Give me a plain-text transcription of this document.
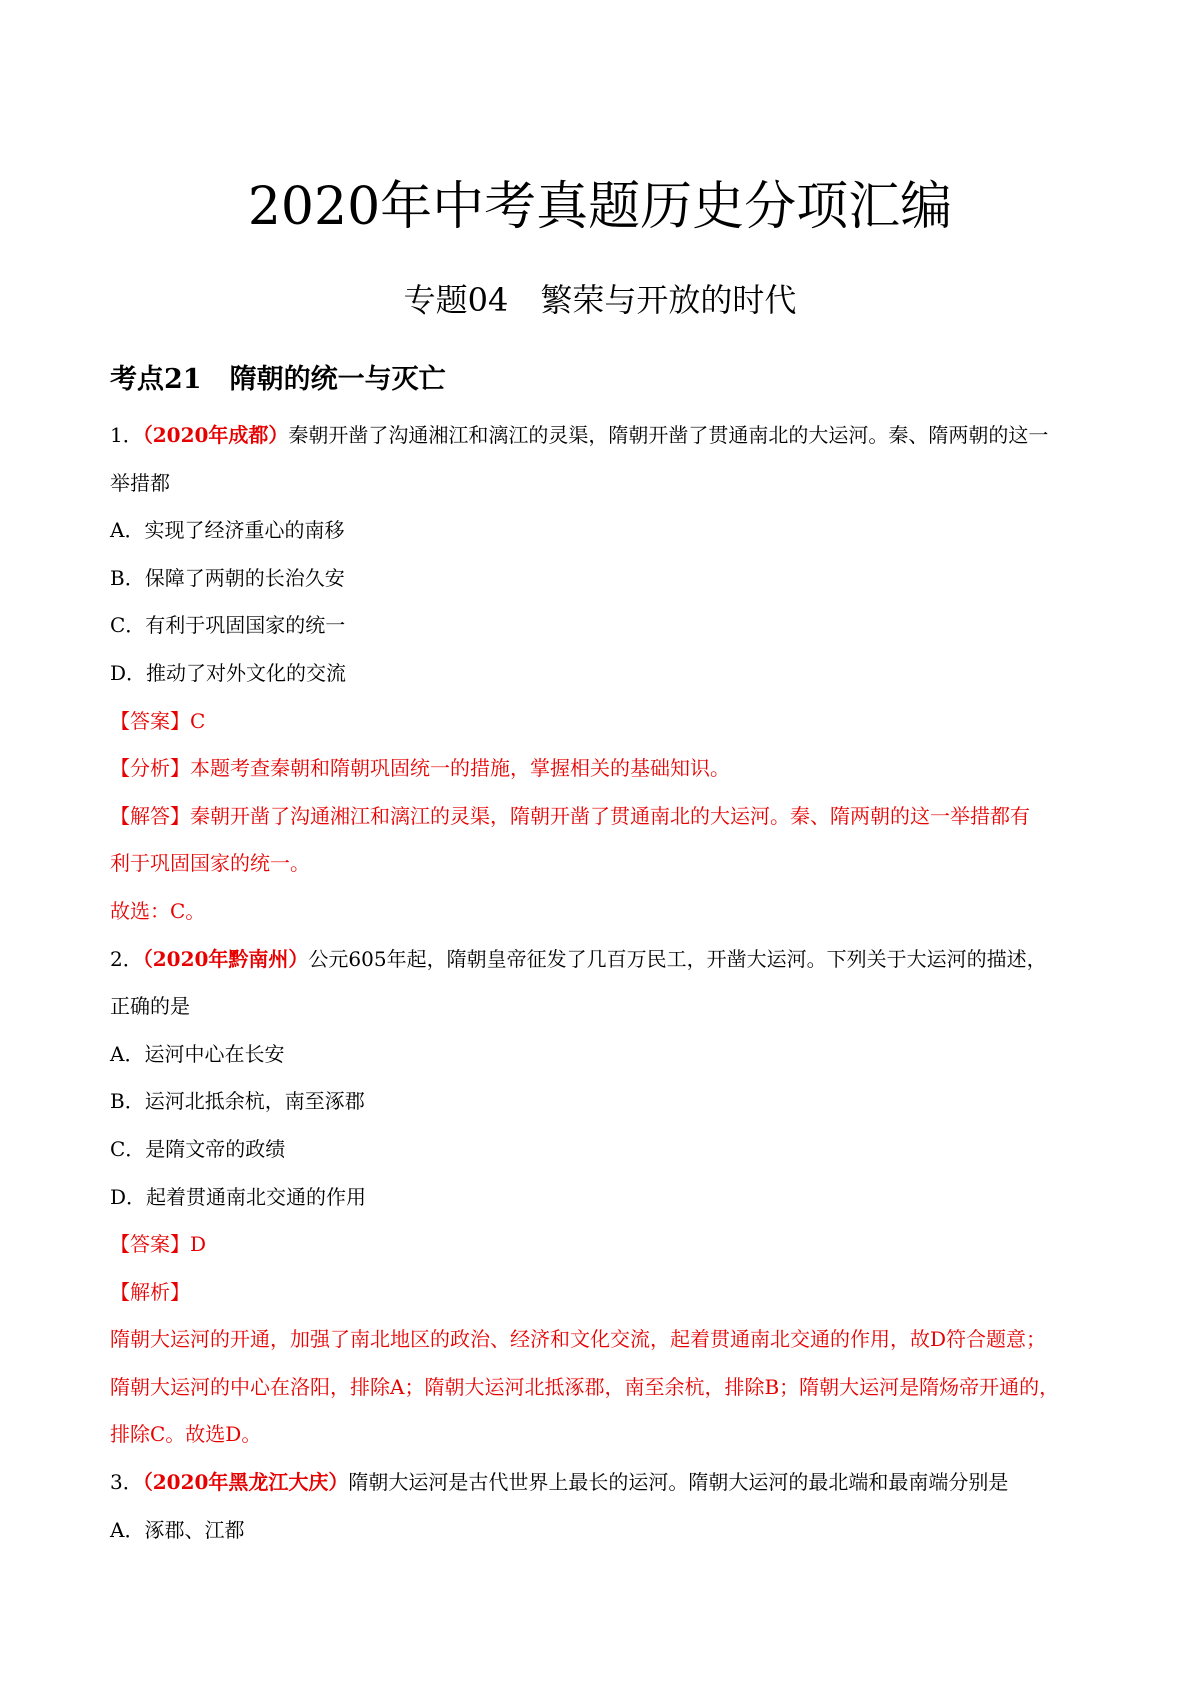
2020年中考真题历史分项汇编
专题04　繁荣与开放的时代
考点21 隋朝的统一与灭亡
1．（2020年成都）秦朝开凿了沟通湘江和漓江的灵渠，隋朝开凿了贯通南北的大运河。秦、隋两朝的这一
举措都
A．实现了经济重心的南移
B．保障了两朝的长治久安
C．有利于巩固国家的统一
D．推动了对外文化的交流
【答案】C
【分析】本题考查秦朝和隋朝巩固统一的措施，掌握相关的基础知识。
【解答】秦朝开凿了沟通湘江和漓江的灵渠，隋朝开凿了贯通南北的大运河。秦、隋两朝的这一举措都有
利于巩固国家的统一。
故选：C。
2．（2020年黔南州）公元605年起，隋朝皇帝征发了几百万民工，开凿大运河。下列关于大运河的描述，
正确的是
A．运河中心在长安
B．运河北抵余杭，南至涿郡
C．是隋文帝的政绩
D．起着贯通南北交通的作用
【答案】D
【解析】
隋朝大运河的开通，加强了南北地区的政治、经济和文化交流，起着贯通南北交通的作用，故D符合题意；
隋朝大运河的中心在洛阳，排除A；隋朝大运河北抵涿郡，南至余杭，排除B；隋朝大运河是隋炀帝开通的，
排除C。故选D。
3．（2020年黑龙江大庆）隋朝大运河是古代世界上最长的运河。隋朝大运河的最北端和最南端分别是
A．涿郡、江都
